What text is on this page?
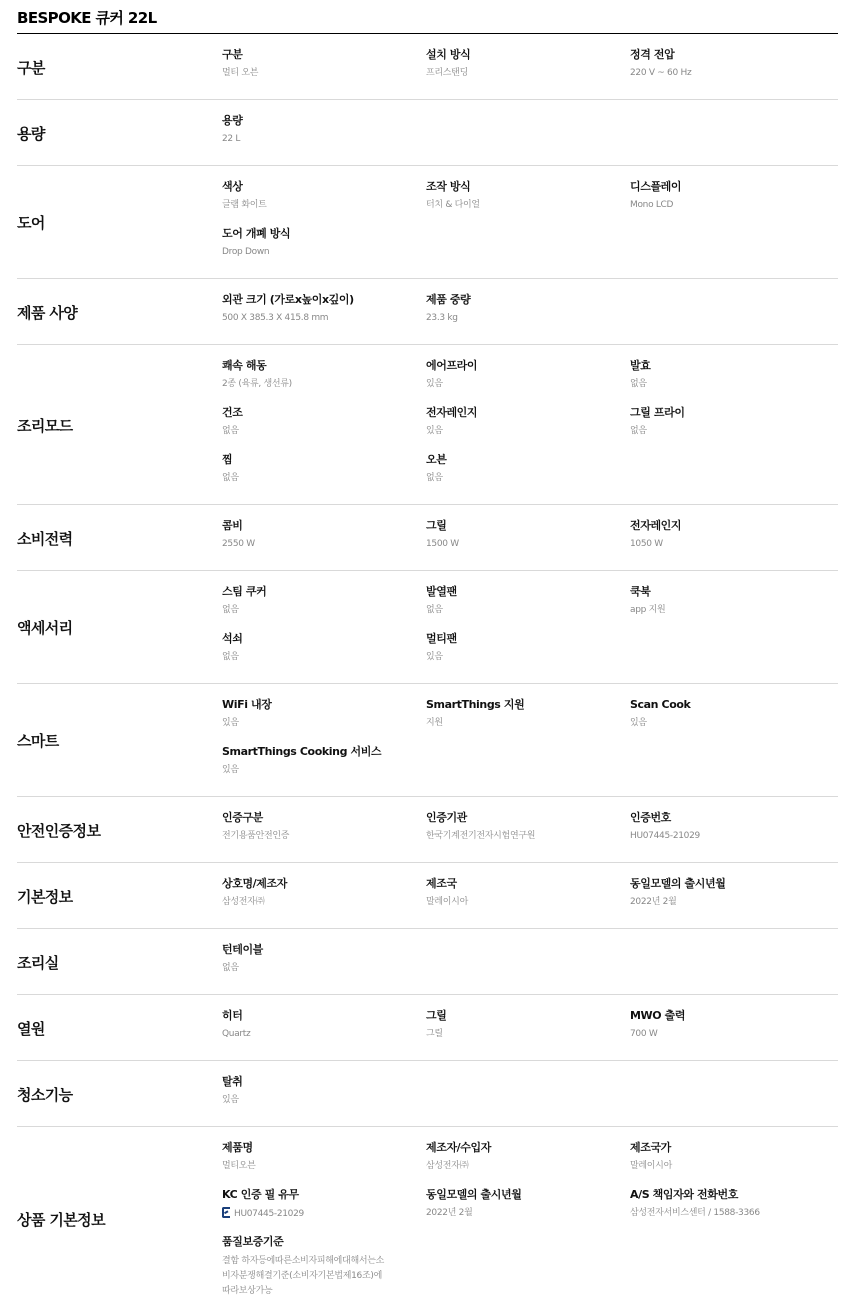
BESPOKE 큐커 22L
구분
구분
멀티 오븐
설치 방식
프리스탠딩
정격 전압
220 V ~ 60 Hz
용량
용량
22 L
도어
색상
글램 화이트
조작 방식
터치 & 다이얼
디스플레이
Mono LCD
도어 개폐 방식
Drop Down
제품 사양
외관 크기 (가로x높이x깊이)
500 X 385.3 X 415.8 mm
제품 중량
23.3 kg
조리모드
쾌속 해동
2종 (육류, 생선류)
에어프라이
있음
발효
없음
건조
없음
전자레인지
있음
그릴 프라이
없음
찜
없음
오븐
없음
소비전력
콤비
2550 W
그릴
1500 W
전자레인지
1050 W
액세서리
스팀 쿠커
없음
발열팬
없음
쿡북
app 지원
석쇠
없음
멀티팬
있음
스마트
WiFi 내장
있음
SmartThings 지원
지원
Scan Cook
있음
SmartThings Cooking 서비스
있음
안전인증정보
인증구분
전기용품안전인증
인증기관
한국기계전기전자시험연구원
인증번호
HU07445-21029
기본정보
상호명/제조자
삼성전자㈜
제조국
말레이시아
동일모델의 출시년월
2022년 2월
조리실
턴테이블
없음
열원
히터
Quartz
그릴
그릴
MWO 출력
700 W
청소기능
탈취
있음
상품 기본정보
제품명
멀티오븐
제조자/수입자
삼성전자㈜
제조국가
말레이시아
KC 인증 필 유무
HU07445-21029
동일모델의 출시년월
2022년 2월
A/S 책임자와 전화번호
삼성전자서비스센터 / 1588-3366
품질보증기준
결함 하자등에따른소비자피해에대해서는소
비자분쟁해결기준(소비자기본법제16조)에
따라보상가능
